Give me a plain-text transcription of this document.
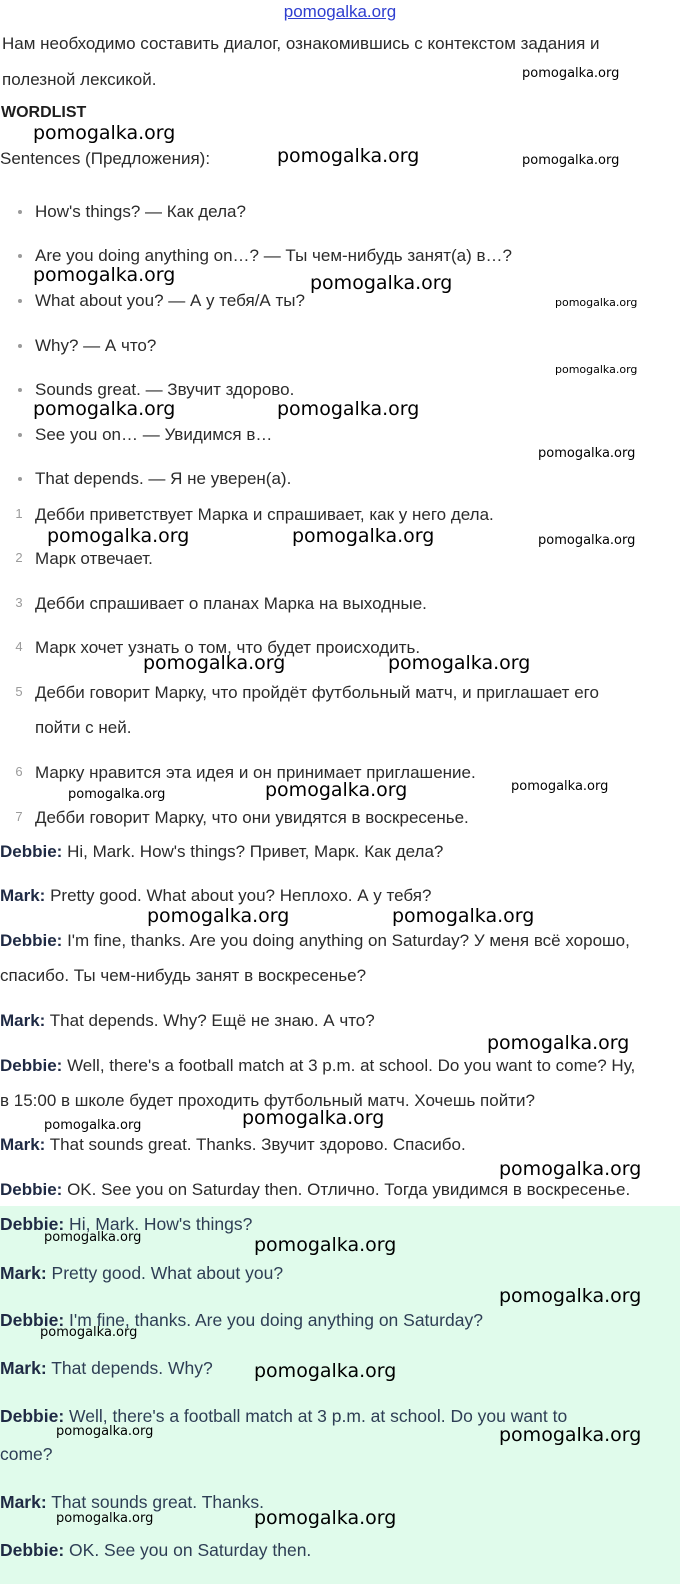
pomogalka.org
Нам необходимо составить диалог, ознакомившись с контекстом задания и
полезной лексикой.
WORDLIST
Sentences (Предложения):
How's things? — Как дела?
Are you doing anything on…? — Ты чем-нибудь занят(а) в…?
What about you? — А у тебя/А ты?
Why? — А что?
Sounds great. — Звучит здорово.
See you on… — Увидимся в…
That depends. — Я не уверен(а).
1 Дебби приветствует Марка и спрашивает, как у него дела.
2 Марк отвечает.
3 Дебби спрашивает о планах Марка на выходные.
4 Марк хочет узнать о том, что будет происходить.
5 Дебби говорит Марку, что пройдёт футбольный матч, и приглашает его
пойти с ней.
6 Марку нравится эта идея и он принимает приглашение.
7 Дебби говорит Марку, что они увидятся в воскресенье.
Debbie: Hi, Mark. How's things? Привет, Марк. Как дела?
Mark: Pretty good. What about you? Неплохо. А у тебя?
Debbie: I'm fine, thanks. Are you doing anything on Saturday? У меня всё хорошо,
спасибо. Ты чем-нибудь занят в воскресенье?
Mark: That depends. Why? Ещё не знаю. А что?
Debbie: Well, there's a football match at 3 p.m. at school. Do you want to come? Ну,
в 15:00 в школе будет проходить футбольный матч. Хочешь пойти?
Mark: That sounds great. Thanks. Звучит здорово. Спасибо.
Debbie: OK. See you on Saturday then. Отлично. Тогда увидимся в воскресенье.
Debbie: Hi, Mark. How's things?
Mark: Pretty good. What about you?
Debbie: I'm fine, thanks. Are you doing anything on Saturday?
Mark: That depends. Why?
Debbie: Well, there's a football match at 3 p.m. at school. Do you want to
come?
Mark: That sounds great. Thanks.
Debbie: OK. See you on Saturday then.
pomogalka.org
pomogalka.org
pomogalka.org	pomogalka.org
pomogalka.org	pomogalka.org
pomogalka.org
pomogalka.org
pomogalka.org	pomogalka.org
pomogalka.org
pomogalka.org	pomogalka.org	pomogalka.org
pomogalka.org	pomogalka.org
pomogalka.org	pomogalka.org
pomogalka.org
pomogalka.org	pomogalka.org
pomogalka.org
pomogalka.org
pomogalka.org
pomogalka.org
pomogalka.org	pomogalka.org
pomogalka.org
pomogalka.org
pomogalka.org
pomogalka.org	pomogalka.org
pomogalka.org	pomogalka.org
